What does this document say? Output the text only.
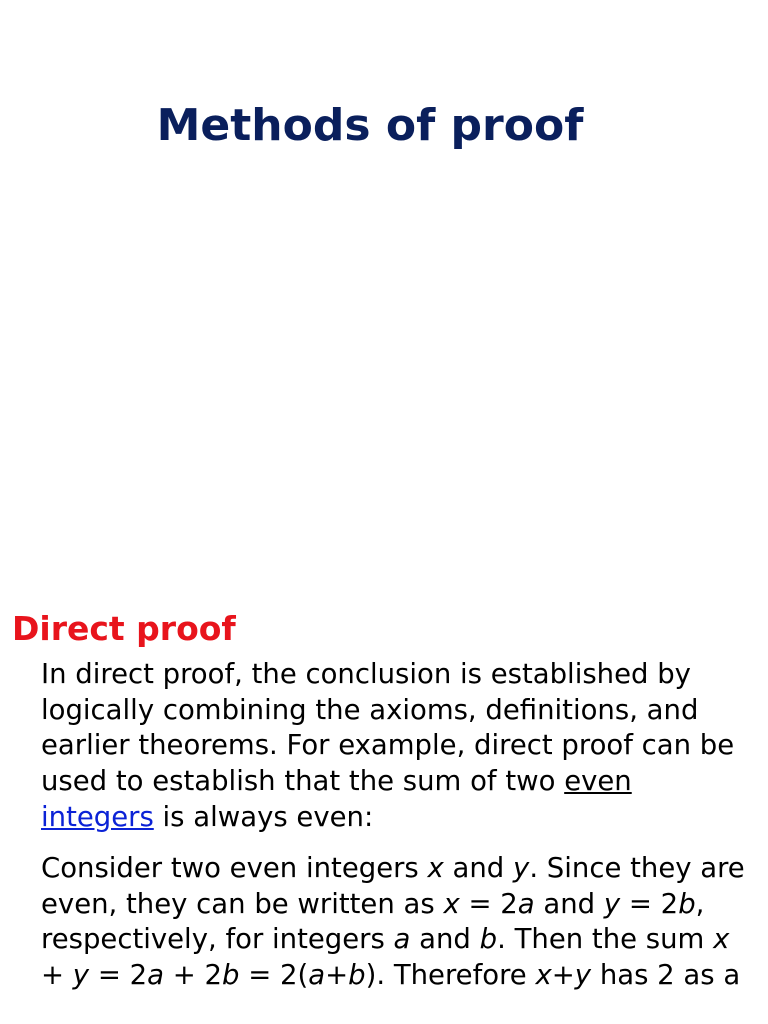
Methods of proof
Direct proof

In direct proof, the conclusion is established by logically combining the axioms, definitions, and earlier theorems. For example, direct proof can be used to establish that the sum of two even integers is always even:

Consider two even integers x and y. Since they are even, they can be written as x = 2a and y = 2b, respectively, for integers a and b. Then the sum x + y = 2a + 2b = 2(a+b). Therefore x+y has 2 as a
